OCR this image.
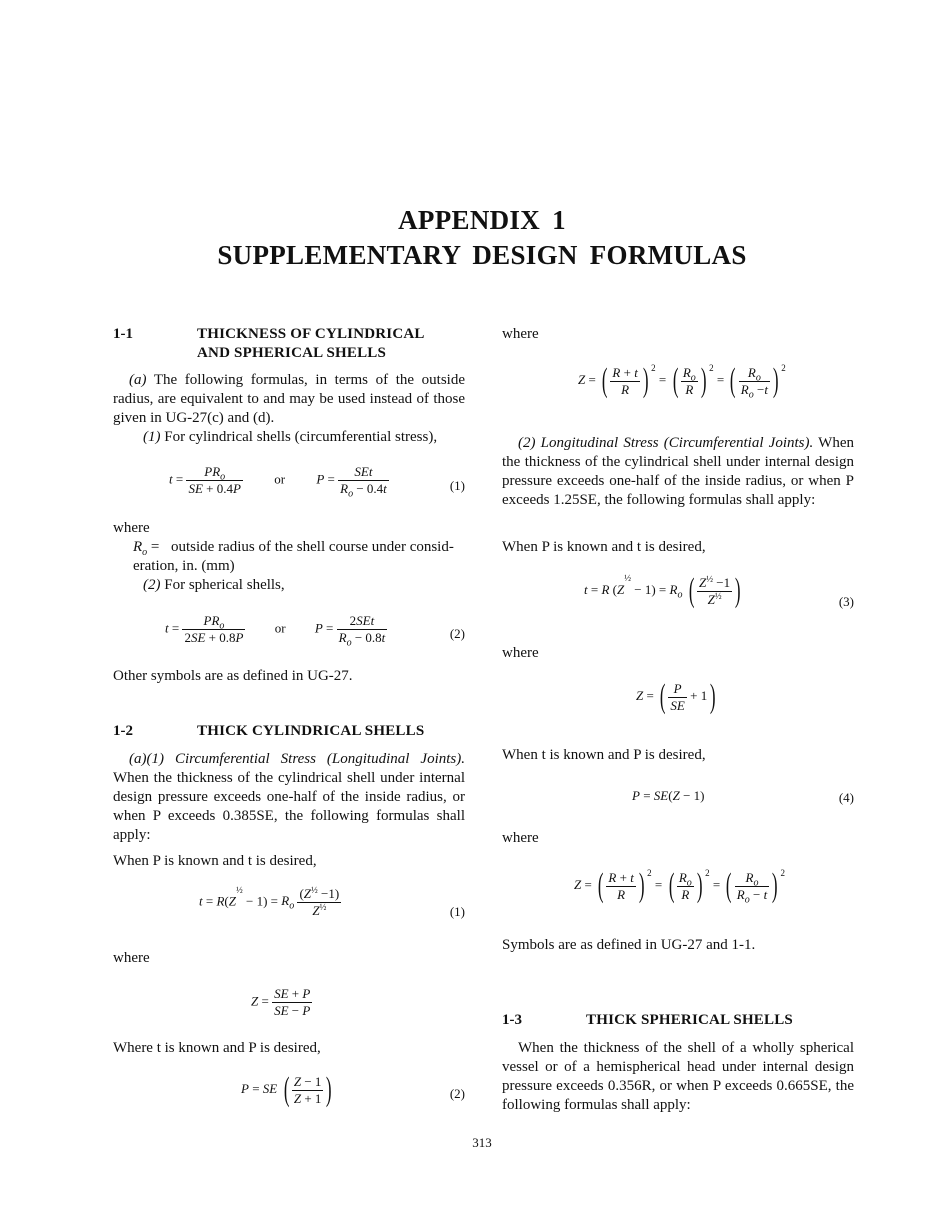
APPENDIX 1
SUPPLEMENTARY DESIGN FORMULAS
1-1	THICKNESS OF CYLINDRICAL
AND SPHERICAL SHELLS
(a) The following formulas, in terms of the outside radius, are equivalent to and may be used instead of those given in UG-27(c) and (d).
(1) For cylindrical shells (circumferential stress),
$t = \frac{PR_o}{SE + 0.4P}$ or $P = \frac{\text{SEt}}{R_o - 0.4t}$	(1)
where
$R_o$ = outside radius of the shell course under consid-eration, in. (mm)
(2) For spherical shells,
$t = \frac{PR_o}{2SE + 0.8P}$ or $P = \frac{\text{2SEt}}{R_o - 0.8t}$	(2)
Other symbols are as defined in UG-27.
1-2	THICK CYLINDRICAL SHELLS
(a)(1) Circumferential Stress (Longitudinal Joints). When the thickness of the cylindrical shell under internal design pressure exceeds one-half of the inside radius, or when P exceeds 0.385SE, the following formulas shall apply:
When P is known and t is desired,
$t = R(Z^{\frac{1}{2}} - 1) = R_o \frac{(Z^{\frac{1}{2}} -1)}{Z^{\frac{1}{2}}}$	(1)
where
$Z = \frac{SE + P}{SE - P}$
Where t is known and P is desired,
P = SE ( $\frac{Z - 1}{Z + 1}$ )	(2)
where
Z = ( $\frac{R + t}{R}$ ) $^2$ = ( $\frac{R_o}{R}$ ) $^2$ = ( $\frac{R_o}{R_o -t}$ ) $^2$
(2) Longitudinal Stress (Circumferential Joints). When the thickness of the cylindrical shell under internal design pressure exceeds one-half of the inside radius, or when P exceeds 1.25SE, the following formulas shall apply:
When P is known and t is desired,
t = R $(Z^{\frac{1}{2}} - 1) = R_o$ ( $\frac{Z^{\frac{1}{2}} -1}{Z^{\frac{1}{2}}}$ )	(3)
where
Z = ( $\frac{P}{SE} + 1$)
When t is known and P is desired,
P = SE(Z − 1)	(4)
where
Z = ( $\frac{R + t}{R}$ ) $^2$ = ( $\frac{R_o}{R}$ ) $^2$ = ( $\frac{R_o}{R_o - t}$ ) $^2$
Symbols are as defined in UG-27 and 1-1.
1-3	THICK SPHERICAL SHELLS
When the thickness of the shell of a wholly spherical vessel or of a hemispherical head under internal design pressure exceeds 0.356R, or when P exceeds 0.665SE, the following formulas shall apply:
313
